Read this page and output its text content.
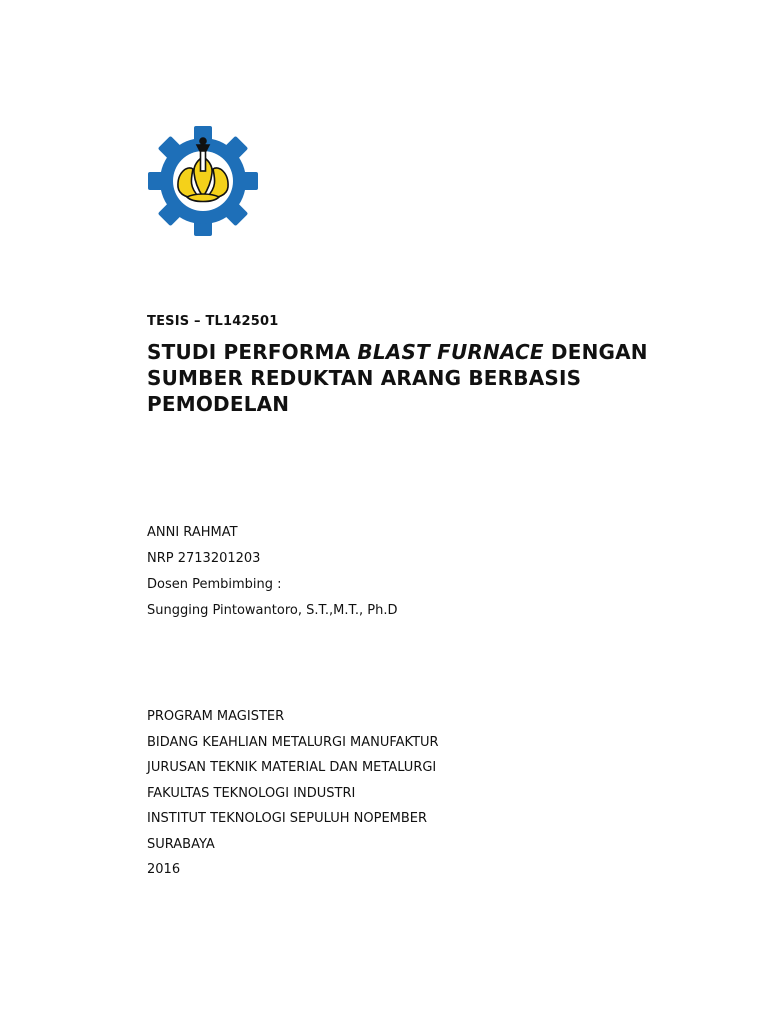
TESIS – TL142501
STUDI PERFORMA BLAST FURNACE DENGAN
SUMBER REDUKTAN ARANG BERBASIS
PEMODELAN
ANNI RAHMAT
NRP 2713201203
Dosen Pembimbing :
Sungging Pintowantoro, S.T.,M.T., Ph.D
PROGRAM MAGISTER
BIDANG KEAHLIAN METALURGI MANUFAKTUR
JURUSAN TEKNIK MATERIAL DAN METALURGI
FAKULTAS TEKNOLOGI INDUSTRI
INSTITUT TEKNOLOGI SEPULUH NOPEMBER
SURABAYA
2016
